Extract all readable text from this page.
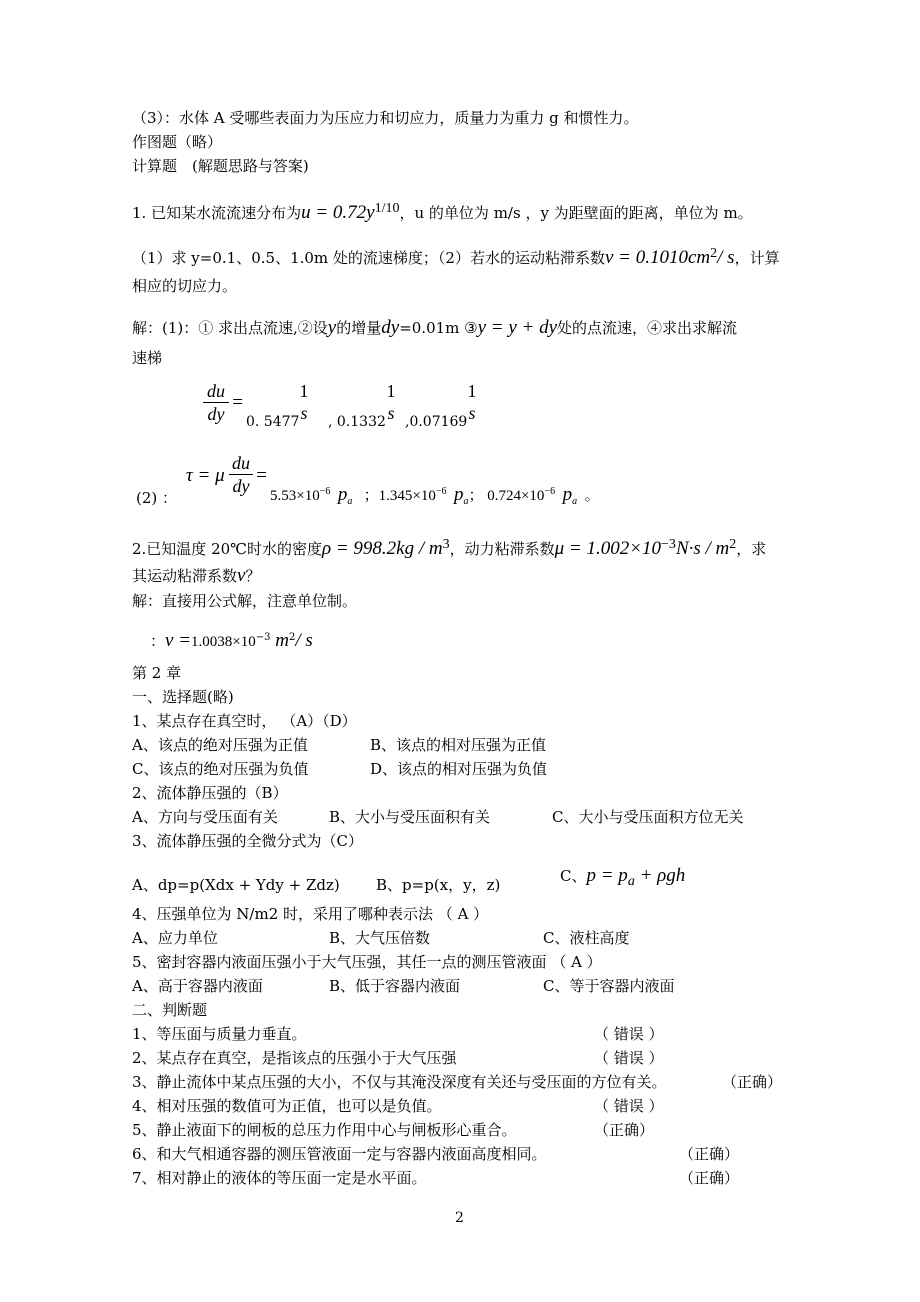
（3）：水体 A 受哪些表面力为压应力和切应力，质量力为重力 g 和惯性力。
作图题（略）
计算题　(解题思路与答案)
1. 已知某水流流速分布为$u = 0.72y^{1/10}$，u 的单位为 m/s ，y 为距壁面的距离，单位为 m。
（1）求 y=0.1、0.5、1.0m 处的流速梯度；（2）若水的运动粘滞系数$\nu = 0.1010cm^2/$ s，计算
相应的切应力。
解：(1)：① 求出点流速,②设y的增量dy=0.01m ③y = y + dy处的点流速，④求出求解流
速梯
$\frac{du}{dy}$ =
0. 5477
1
s , 0.1332
1
s ,0.07169
1
s
(2) ：
τ = μ $\frac{du}{dy}$ =
$5.53\times 10^{-6}$ $p_a$ ；$1.345\times 10^{-6}$ $p_a$； $0.724\times 10^{-6}$ $p_a$ 。
2.已知温度 20℃时水的密度$\rho = 998.2kg / m^3$，动力粘滞系数$\mu = 1.002\times 10^{-3}N\cdot s / m^2$，求
其运动粘滞系数ν？
解：直接用公式解，注意单位制。
：$\nu =1.0038\times 10^{-3}$ $m^2/$ s
第 2 章
一、选择题(略)
1、某点存在真空时， （A）（D）
A、该点的绝对压强为正值	B、该点的相对压强为正值
C、该点的绝对压强为负值	D、该点的相对压强为负值
2、流体静压强的（B）
A、方向与受压面有关	B、大小与受压面积有关	C、大小与受压面积方位无关
3、流体静压强的全微分式为（C）
A、dp=p(Xdx + Ydy + Zdz) B、p=p(x，y，z)	C、$p = p_a + \rho gh$
4、压强单位为 N/m2 时，采用了哪种表示法 （ A ）
A、应力单位	B、大气压倍数	C、液柱高度
5、密封容器内液面压强小于大气压强，其任一点的测压管液面 （ A ）
A、高于容器内液面	B、低于容器内液面	C、等于容器内液面
二、判断题
1、等压面与质量力垂直。	（ 错误 ）
2、某点存在真空，是指该点的压强小于大气压强	（ 错误 ）
3、静止流体中某点压强的大小，不仅与其淹没深度有关还与受压面的方位有关。	（正确）
4、相对压强的数值可为正值，也可以是负值。	（ 错误 ）
5、静止液面下的闸板的总压力作用中心与闸板形心重合。	（正确）
6、和大气相通容器的测压管液面一定与容器内液面高度相同。	（正确）
7、相对静止的液体的等压面一定是水平面。	（正确）
2
